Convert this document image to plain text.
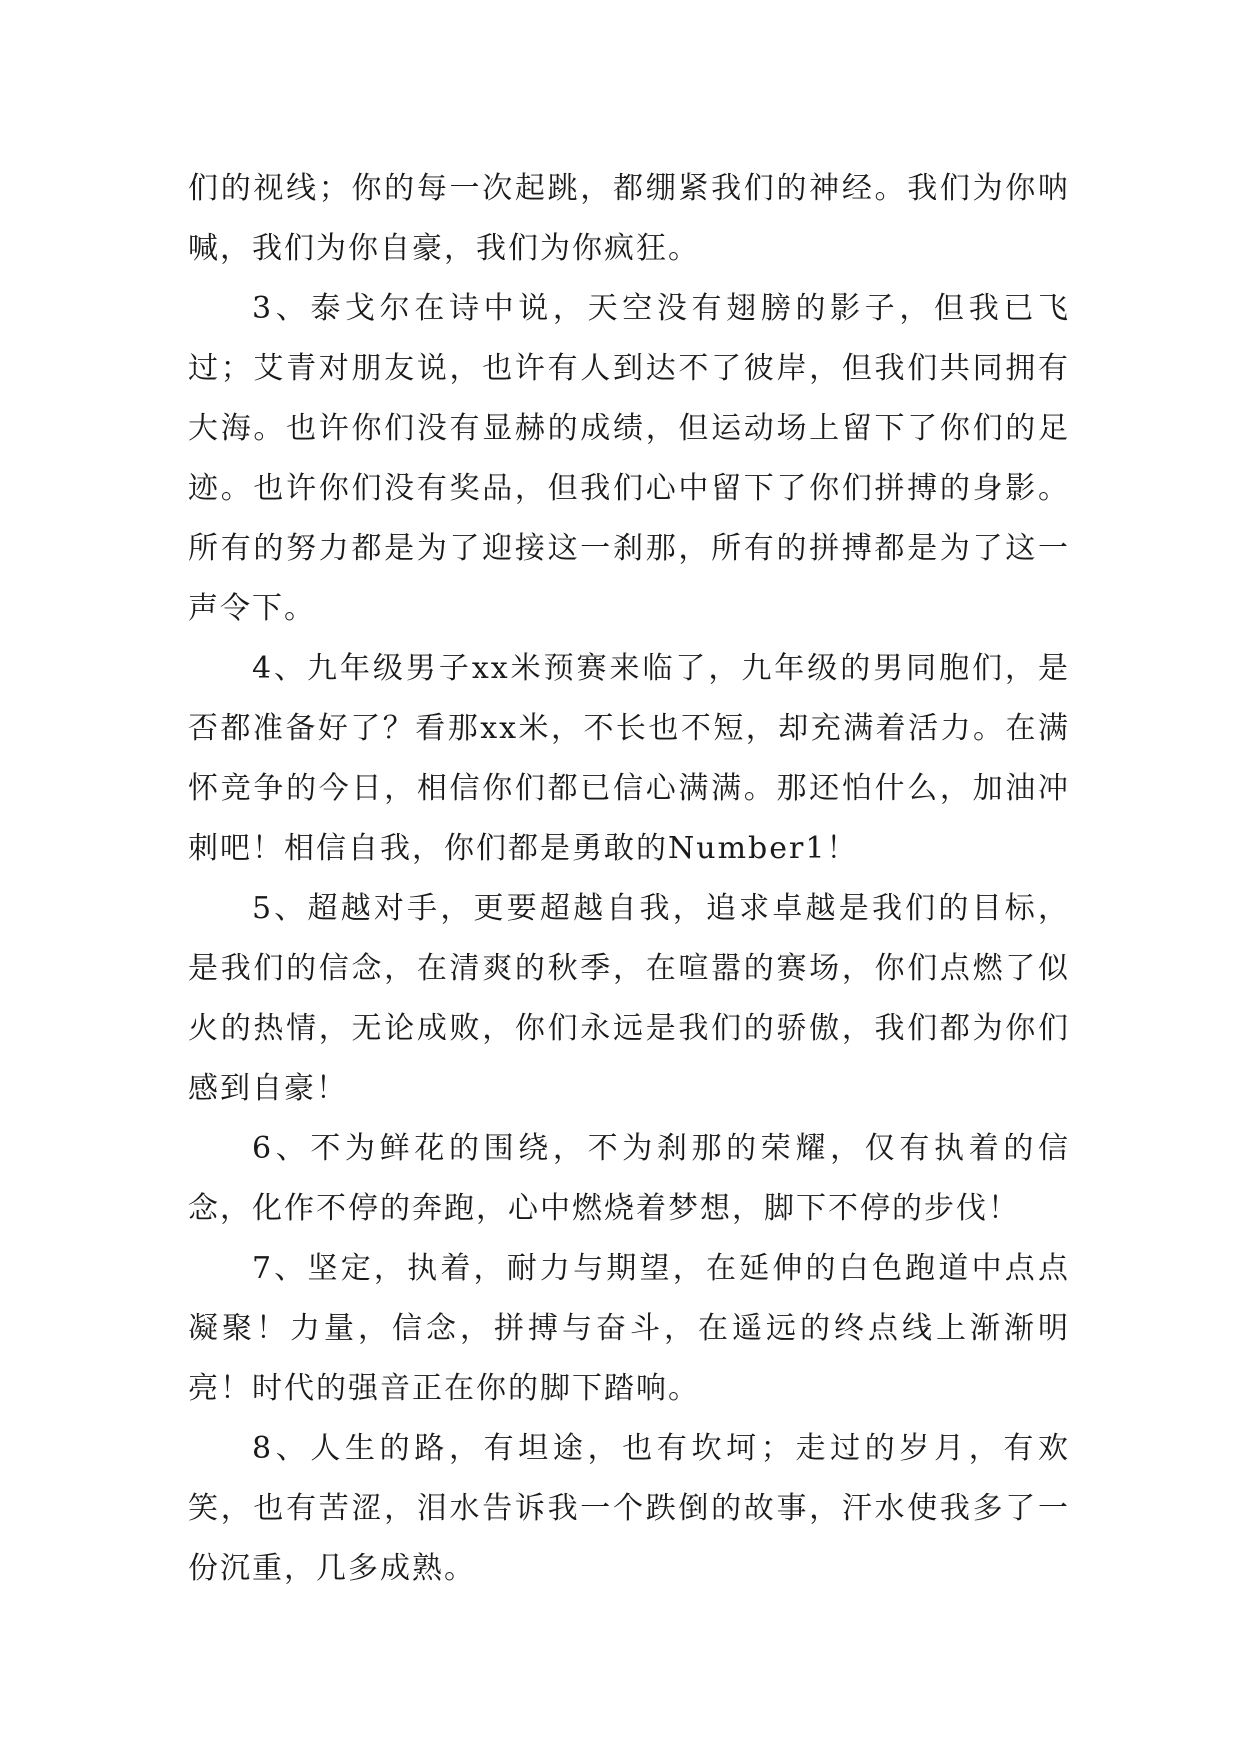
们的视线；你的每一次起跳，都绷紧我们的神经。我们为你呐喊，我们为你自豪，我们为你疯狂。

3、泰戈尔在诗中说，天空没有翅膀的影子，但我已飞过；艾青对朋友说，也许有人到达不了彼岸，但我们共同拥有大海。也许你们没有显赫的成绩，但运动场上留下了你们的足迹。也许你们没有奖品，但我们心中留下了你们拼搏的身影。所有的努力都是为了迎接这一刹那，所有的拼搏都是为了这一声令下。

4、九年级男子xx米预赛来临了，九年级的男同胞们，是否都准备好了？看那xx米，不长也不短，却充满着活力。在满怀竞争的今日，相信你们都已信心满满。那还怕什么，加油冲刺吧！相信自我，你们都是勇敢的Number1！

5、超越对手，更要超越自我，追求卓越是我们的目标，是我们的信念，在清爽的秋季，在喧嚣的赛场，你们点燃了似火的热情，无论成败，你们永远是我们的骄傲，我们都为你们感到自豪！

6、不为鲜花的围绕，不为刹那的荣耀，仅有执着的信念，化作不停的奔跑，心中燃烧着梦想，脚下不停的步伐！

7、坚定，执着，耐力与期望，在延伸的白色跑道中点点凝聚！力量，信念，拼搏与奋斗，在遥远的终点线上渐渐明亮！时代的强音正在你的脚下踏响。

8、人生的路，有坦途，也有坎坷；走过的岁月，有欢笑，也有苦涩，泪水告诉我一个跌倒的故事，汗水使我多了一份沉重，几多成熟。
